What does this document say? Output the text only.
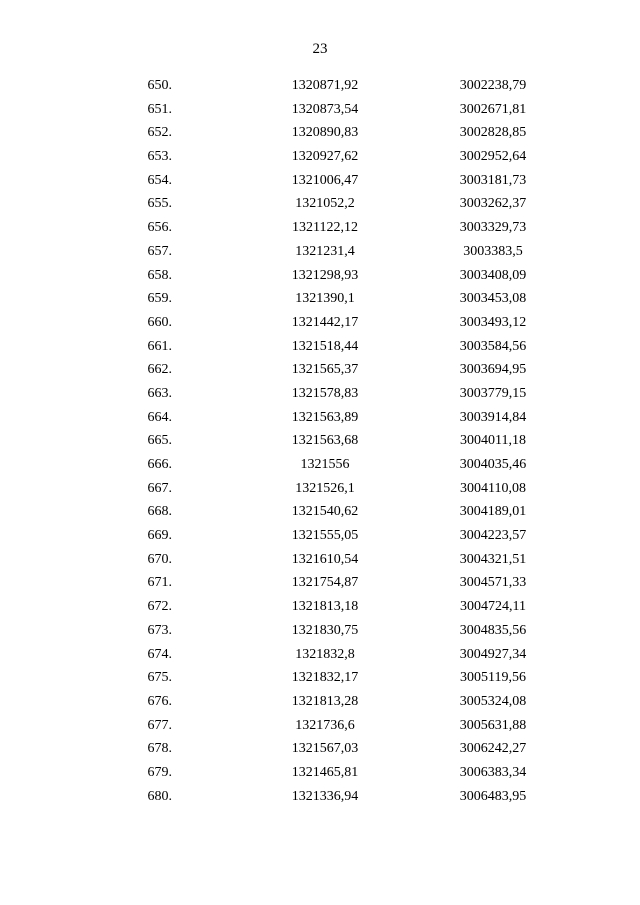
23
650.	1320871,92	3002238,79
651.	1320873,54	3002671,81
652.	1320890,83	3002828,85
653.	1320927,62	3002952,64
654.	1321006,47	3003181,73
655.	1321052,2	3003262,37
656.	1321122,12	3003329,73
657.	1321231,4	3003383,5
658.	1321298,93	3003408,09
659.	1321390,1	3003453,08
660.	1321442,17	3003493,12
661.	1321518,44	3003584,56
662.	1321565,37	3003694,95
663.	1321578,83	3003779,15
664.	1321563,89	3003914,84
665.	1321563,68	3004011,18
666.	1321556	3004035,46
667.	1321526,1	3004110,08
668.	1321540,62	3004189,01
669.	1321555,05	3004223,57
670.	1321610,54	3004321,51
671.	1321754,87	3004571,33
672.	1321813,18	3004724,11
673.	1321830,75	3004835,56
674.	1321832,8	3004927,34
675.	1321832,17	3005119,56
676.	1321813,28	3005324,08
677.	1321736,6	3005631,88
678.	1321567,03	3006242,27
679.	1321465,81	3006383,34
680.	1321336,94	3006483,95
